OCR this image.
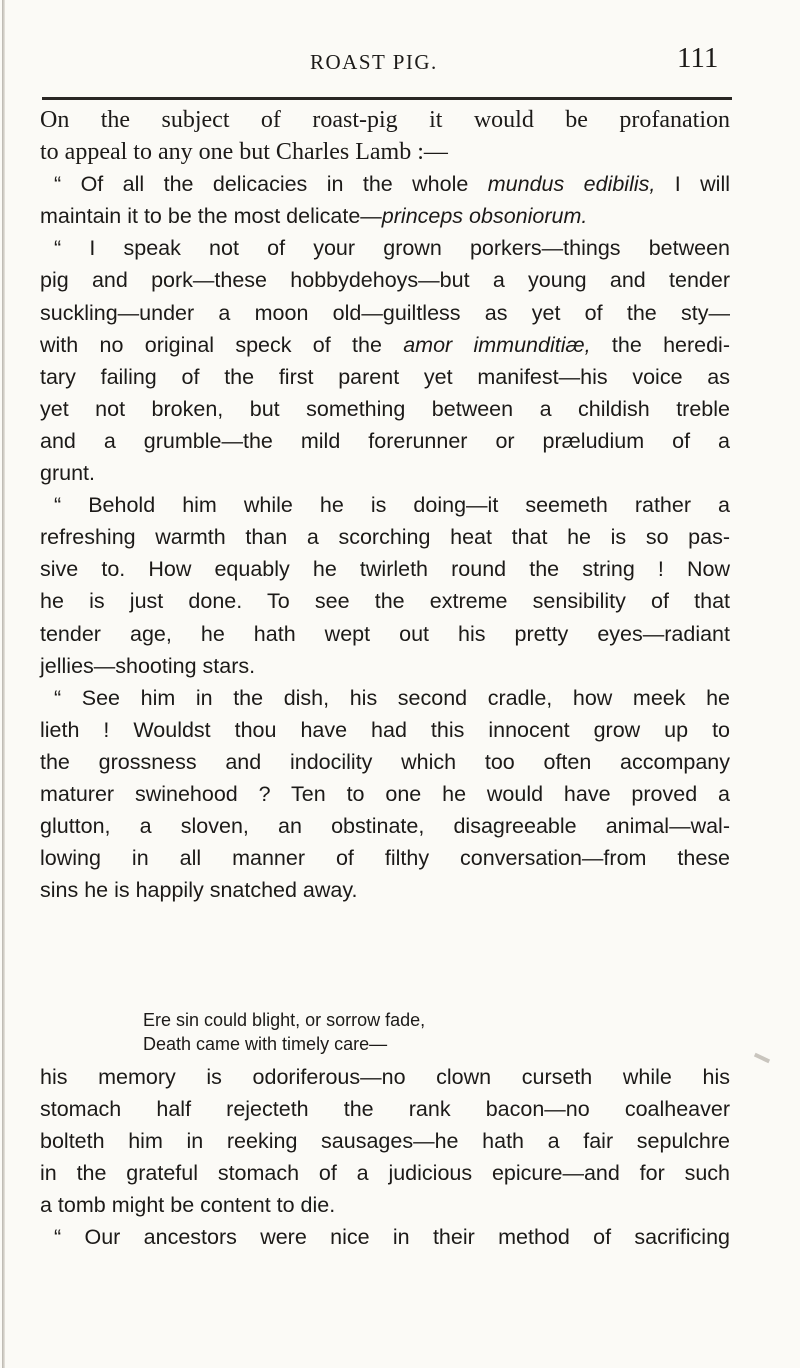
ROAST PIG.	111
On the subject of roast-pig it would be profanation
to appeal to any one but Charles Lamb :—
“ Of all the delicacies in the whole mundus edibilis, I will
maintain it to be the most delicate—princeps obsoniorum.
“ I speak not of your grown porkers—things between
pig and pork—these hobbydehoys—but a young and tender
suckling—under a moon old—guiltless as yet of the sty—
with no original speck of the amor immunditiæ, the heredi-
tary failing of the first parent yet manifest—his voice as
yet not broken, but something between a childish treble
and a grumble—the mild forerunner or præludium of a
grunt.
“ Behold him while he is doing—it seemeth rather a
refreshing warmth than a scorching heat that he is so pas-
sive to. How equably he twirleth round the string ! Now
he is just done. To see the extreme sensibility of that
tender age, he hath wept out his pretty eyes—radiant
jellies—shooting stars.
“ See him in the dish, his second cradle, how meek he
lieth ! Wouldst thou have had this innocent grow up to
the grossness and indocility which too often accompany
maturer swinehood ? Ten to one he would have proved a
glutton, a sloven, an obstinate, disagreeable animal—wal-
lowing in all manner of filthy conversation—from these
sins he is happily snatched away.
Ere sin could blight, or sorrow fade,
Death came with timely care—
his memory is odoriferous—no clown curseth while his
stomach half rejecteth the rank bacon—no coalheaver
bolteth him in reeking sausages—he hath a fair sepulchre
in the grateful stomach of a judicious epicure—and for such
a tomb might be content to die.
“ Our ancestors were nice in their method of sacrificing
